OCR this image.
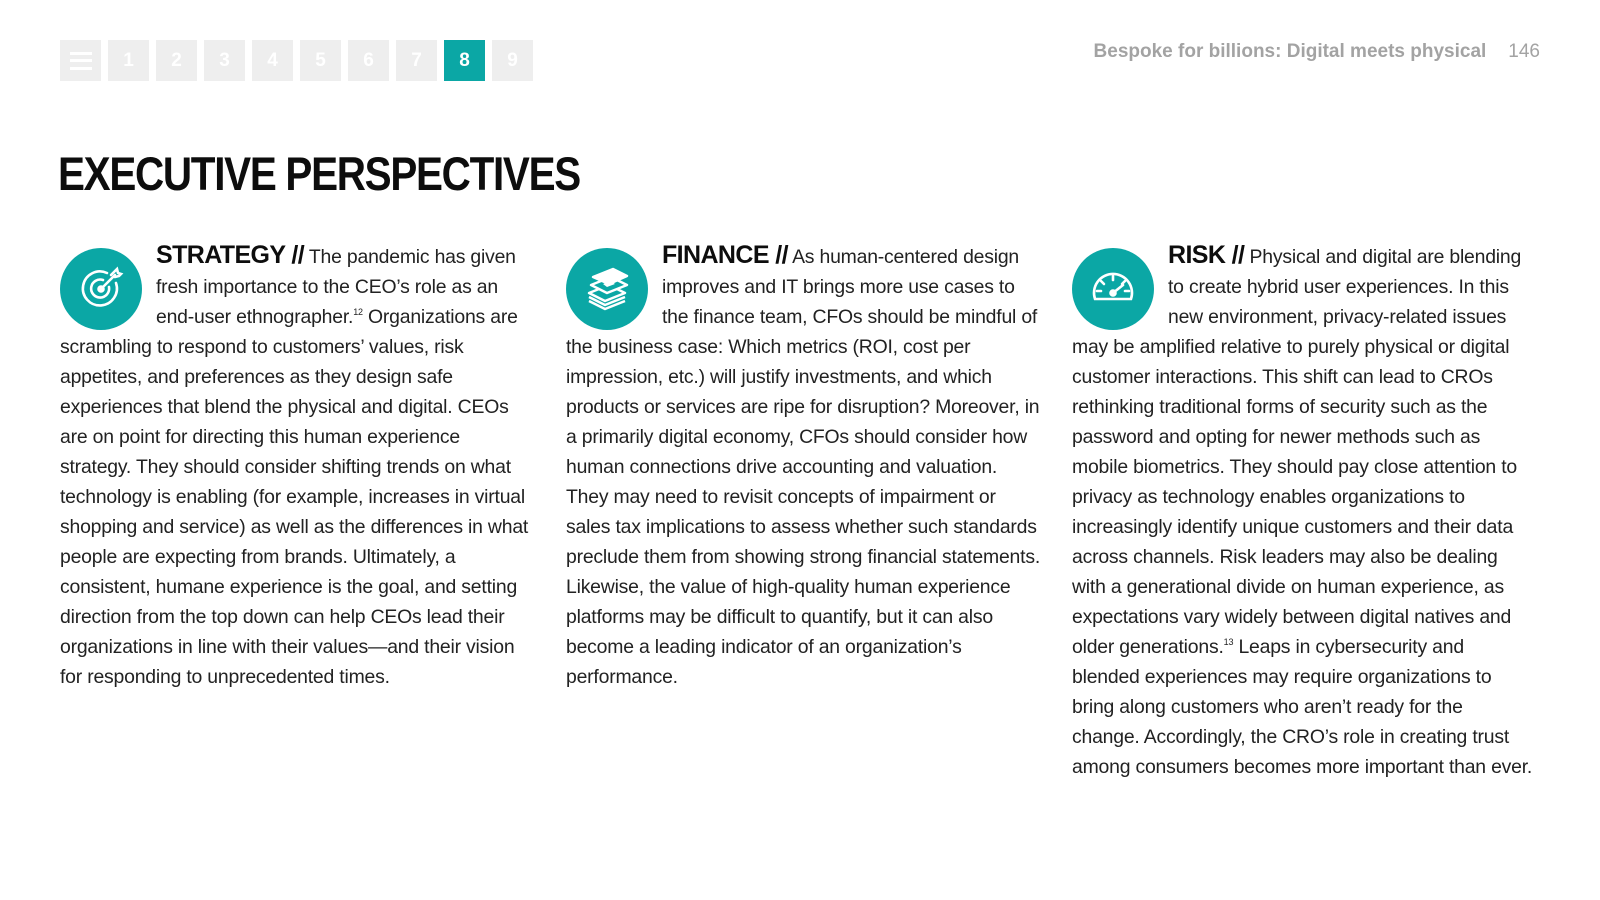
1	2	3	4	5	6	7	8	9	Bespoke for billions: Digital meets physical 146
EXECUTIVE PERSPECTIVES

STRATEGY // The pandemic has given fresh importance to the CEO’s role as an end-user ethnographer.$^{12}$ Organizations are scrambling to respond to customers’ values, risk appetites, and preferences as they design safe experiences that blend the physical and digital. CEOs are on point for directing this human experience strategy. They should consider shifting trends on what technology is enabling (for example, increases in virtual shopping and service) as well as the differences in what people are expecting from brands. Ultimately, a consistent, humane experience is the goal, and setting direction from the top down can help CEOs lead their organizations in line with their values—and their vision for responding to unprecedented times.

FINANCE // As human-centered design improves and IT brings more use cases to the finance team, CFOs should be mindful of the business case: Which metrics (ROI, cost per impression, etc.) will justify investments, and which products or services are ripe for disruption? Moreover, in a primarily digital economy, CFOs should consider how human connections drive accounting and valuation. They may need to revisit concepts of impairment or sales tax implications to assess whether such standards preclude them from showing strong financial statements. Likewise, the value of high-quality human experience platforms may be difficult to quantify, but it can also become a leading indicator of an organization’s performance.

RISK // Physical and digital are blending to create hybrid user experiences. In this new environment, privacy-related issues may be amplified relative to purely physical or digital customer interactions. This shift can lead to CROs rethinking traditional forms of security such as the password and opting for newer methods such as mobile biometrics. They should pay close attention to privacy as technology enables organizations to increasingly identify unique customers and their data across channels. Risk leaders may also be dealing with a generational divide on human experience, as expectations vary widely between digital natives and older generations.$^{13}$ Leaps in cybersecurity and blended experiences may require organizations to bring along customers who aren’t ready for the change. Accordingly, the CRO’s role in creating trust among consumers becomes more important than ever.
